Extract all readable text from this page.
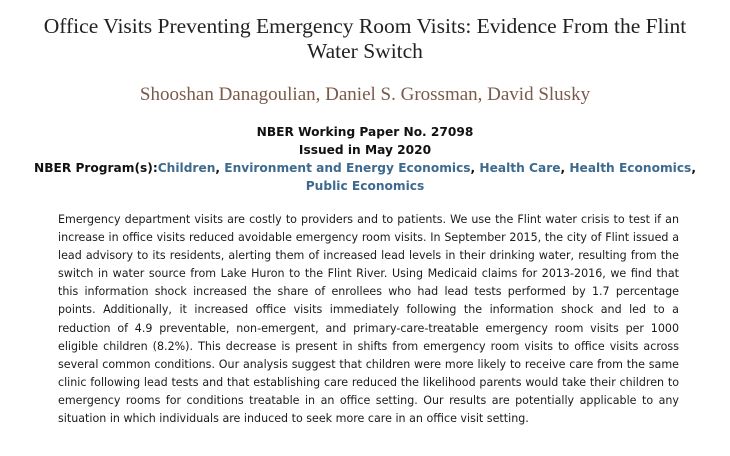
Office Visits Preventing Emergency Room Visits: Evidence From the Flint
Water Switch
Shooshan Danagoulian, Daniel S. Grossman, David Slusky
NBER Working Paper No. 27098
Issued in May 2020
NBER Program(s):Children, Environment and Energy Economics, Health Care, Health Economics, Public Economics

Emergency department visits are costly to providers and to patients. We use the Flint water crisis to test if an increase in office visits reduced avoidable emergency room visits. In September 2015, the city of Flint issued a lead advisory to its residents, alerting them of increased lead levels in their drinking water, resulting from the switch in water source from Lake Huron to the Flint River. Using Medicaid claims for 2013-2016, we find that this information shock increased the share of enrollees who had lead tests performed by 1.7 percentage points. Additionally, it increased office visits immediately following the information shock and led to a reduction of 4.9 preventable, non-emergent, and primary-care-treatable emergency room visits per 1000 eligible children (8.2%). This decrease is present in shifts from emergency room visits to office visits across several common conditions. Our analysis suggest that children were more likely to receive care from the same clinic following lead tests and that establishing care reduced the likelihood parents would take their children to emergency rooms for conditions treatable in an office setting. Our results are potentially applicable to any situation in which individuals are induced to seek more care in an office visit setting.
